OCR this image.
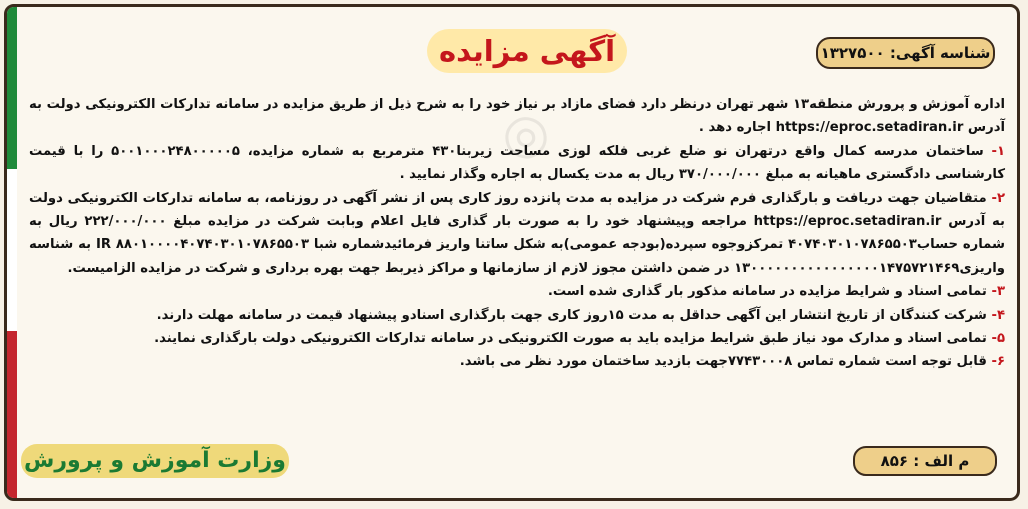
◎
آگهی مزایده	شناسه آگهی: ۱۳۲۷۵۰۰

اداره آموزش و پرورش منطقه۱۳ شهر تهران درنظر دارد فضای مازاد بر نیاز خود را به شرح ذیل از طریق مزایده در سامانه تدارکات الکترونیکی دولت به آدرس https://eproc.setadiran.ir اجاره دهد .

۱- ساختمان مدرسه کمال واقع درتهران نو ضلع غربی فلکه لوزی مساحت زیربنا۴۳۰ مترمربع به شماره مزایده، ۵۰۰۱۰۰۰۲۴۸۰۰۰۰۰۵ را با قیمت کارشناسی دادگستری ماهیانه به مبلغ ۳۷۰/۰۰۰/۰۰۰ ریال به مدت یکسال به اجاره وگذار نمایید .

۲- متقاضیان جهت دریافت و بارگذاری فرم شرکت در مزایده به مدت پانزده روز کاری پس از نشر آگهی در روزنامه، به سامانه تدارکات الکترونیکی دولت به آدرس https://eproc.setadiran.ir مراجعه وپیشنهاد خود را به صورت بار گذاری فایل اعلام وبابت شرکت در مزایده مبلغ ۲۲۲/۰۰۰/۰۰۰ ریال به شماره حساب۴۰۷۴۰۳۰۱۰۷۸۶۵۵۰۳ تمرکزوجوه سپرده(بودجه عمومی)به شکل ساتنا واریز فرمائیدشماره شبا IR ۸۸۰۱۰۰۰۰۴۰۷۴۰۳۰۱۰۷۸۶۵۵۰۳ به شناسه واریزی۱۳۰۰۰۰۰۰۰۰۰۰۰۰۰۰۰۰۱۴۷۵۷۲۱۴۶۹ در ضمن داشتن مجوز لازم از سازمانها و مراکز ذیربط جهت بهره برداری و شرکت در مزایده الزامیست.

۳- تمامی اسناد و شرایط مزایده در سامانه مذکور بار گذاری شده است.

۴- شرکت کنندگان از تاریخ انتشار این آگهی حداقل به مدت ۱۵روز کاری جهت بارگذاری اسنادو پیشنهاد قیمت در سامانه مهلت دارند.

۵- تمامی اسناد و مدارک مود نیاز طبق شرایط مزایده باید به صورت الکترونیکی در سامانه تدارکات الکترونیکی دولت بارگذاری نمایند.

۶- قابل توجه است شماره تماس ۷۷۴۳۰۰۰۸جهت بازدید ساختمان مورد نظر می باشد.

وزارت آموزش و پرورش	م الف : ۸۵۶
